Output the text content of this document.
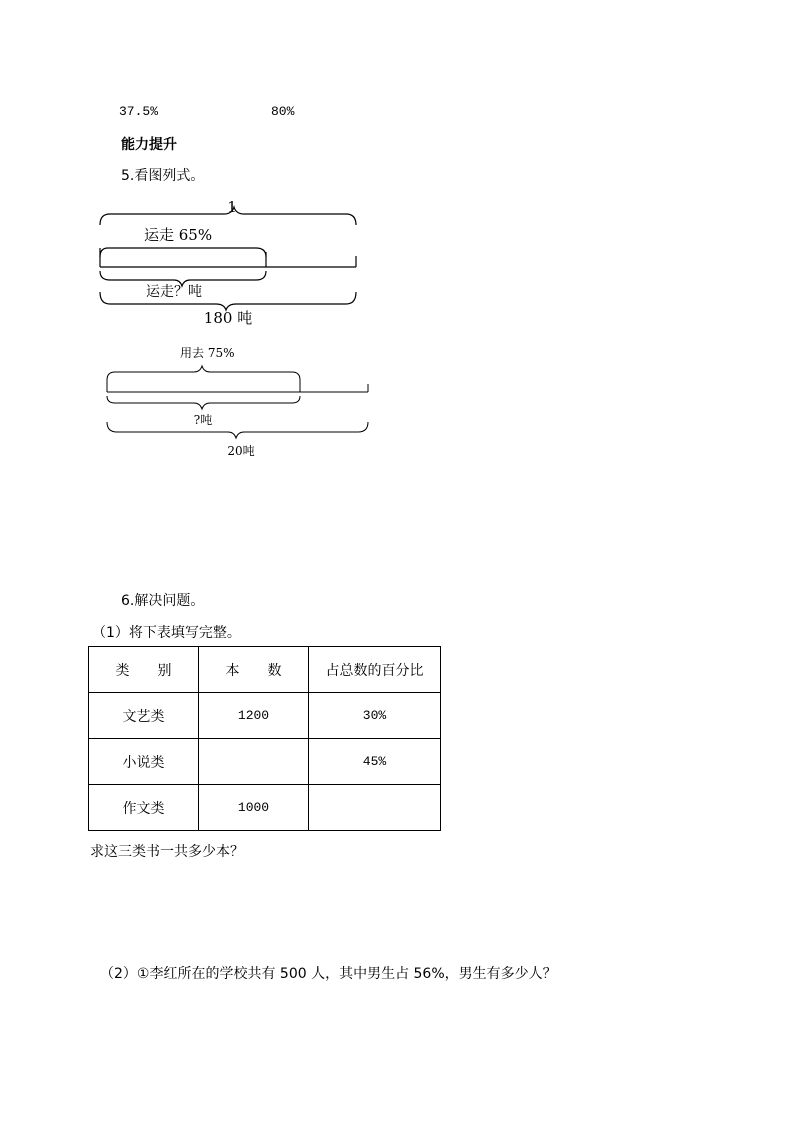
37.5%	80%
能力提升
5.看图列式。
1
运走 65%
运走？吨
180 吨
用去 75%
?吨
20吨
6.解决问题。
（1）将下表填写完整。
类　　别	本　　数	占总数的百分比
文艺类	1200	30%
小说类		45%
作文类	1000	
求这三类书一共多少本？
（2）①李红所在的学校共有 500 人，其中男生占 56%，男生有多少人？
